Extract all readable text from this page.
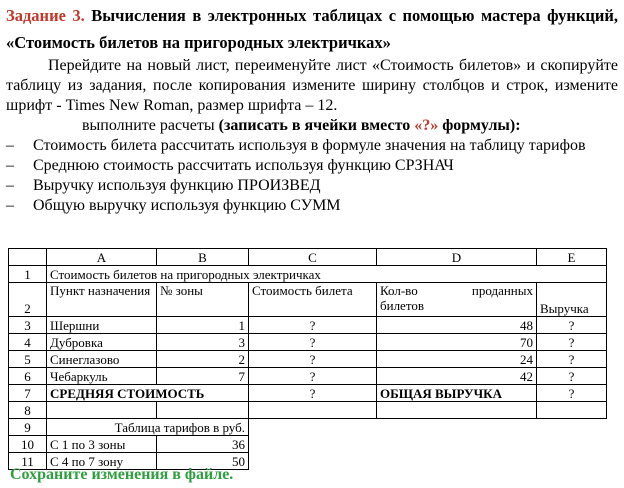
Задание 3. Вычисления в электронных таблицах с помощью мастера функций, «Стоимость билетов на пригородных электричках»

Перейдите на новый лист, переименуйте лист «Стоимость билетов» и скопируйте таблицу из задания, после копирования измените ширину столбцов и строк, измените шрифт - Times New Roman, размер шрифта – 12.

выполните расчеты (записать в ячейки вместо «?» формулы):

– Стоимость билета рассчитать используя в формуле значения на таблицу тарифов
– Среднюю стоимость рассчитать используя функцию СРЗНАЧ
– Выручку используя функцию ПРОИЗВЕД
– Общую выручку используя функцию СУММ
	A	B	C	D	E
1	Стоимость билетов на пригородных электричках				
2	Пункт назначения	№ зоны	Стоимость билета	Кол-во проданных
билетов	Выручка
3	Шершни	1	?	48	?
4	Дубровка	3	?	70	?
5	Синеглазово	2	?	24	?
6	Чебаркуль	7	?	42	?
7	СРЕДНЯЯ СТОИМОСТЬ		?	ОБЩАЯ ВЫРУЧКА	?
8					
9	Таблица тарифов в руб.				
10	С 1 по 3 зоны	36			
11	С 4 по 7 зону	50			
Сохраните изменения в файле.
